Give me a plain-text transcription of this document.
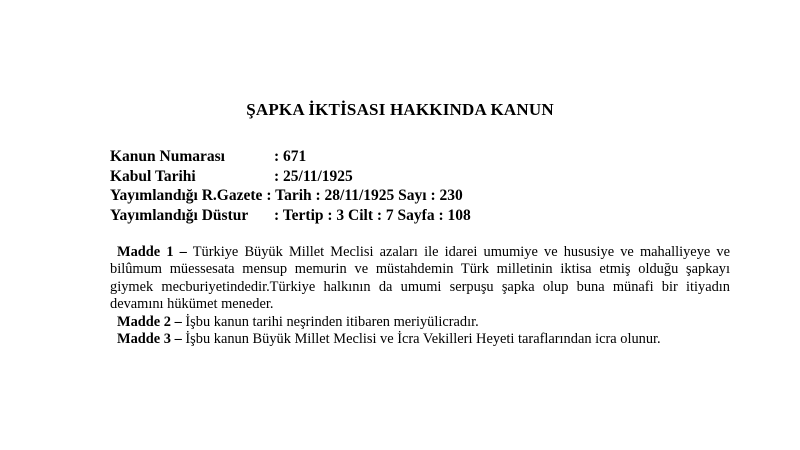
ŞAPKA İKTİSASI HAKKINDA KANUN
Kanun Numarası	: 671
Kabul Tarihi	: 25/11/1925
Yayımlandığı R.Gazete : Tarih : 28/11/1925 Sayı : 230
Yayımlandığı Düstur	: Tertip : 3 Cilt : 7 Sayfa : 108

Madde 1 – Türkiye Büyük Millet Meclisi azaları ile idarei umumiye ve hususiye ve mahalliyeye ve bilûmum müessesata mensup memurin ve müstahdemin Türk milletinin iktisa etmiş olduğu şapkayı giymek mecburiyetindedir.Türkiye halkının da umumi serpuşu şapka olup buna münafi bir itiyadın devamını hükümet meneder.

Madde 2 – İşbu kanun tarihi neşrinden itibaren meriyülicradır.

Madde 3 – İşbu kanun Büyük Millet Meclisi ve İcra Vekilleri Heyeti taraflarından icra olunur.
